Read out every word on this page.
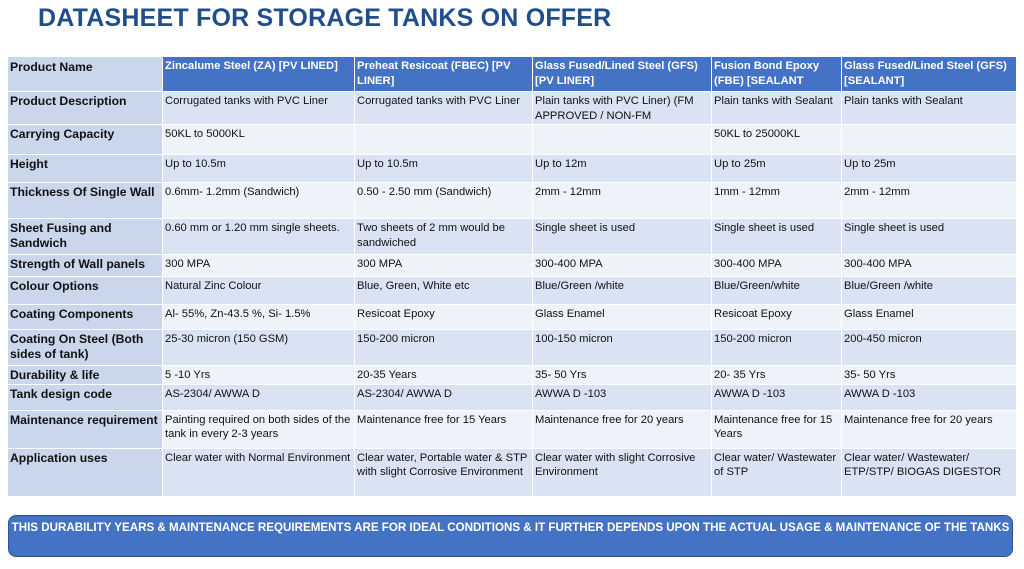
DATASHEET FOR STORAGE TANKS ON OFFER
Product Name	Zincalume Steel (ZA) [PV LINED]	Preheat Resicoat (FBEC) [PV LINER]	Glass Fused/Lined Steel (GFS) [PV LINER]	Fusion Bond Epoxy (FBE) [SEALANT	Glass Fused/Lined Steel (GFS) [SEALANT]
Product Description	Corrugated tanks with PVC Liner	Corrugated tanks with PVC Liner	Plain tanks with PVC Liner) (FM APPROVED / NON-FM	Plain tanks with Sealant	Plain tanks with Sealant
Carrying Capacity	50KL to 5000KL			50KL to 25000KL	
Height	Up to 10.5m	Up to 10.5m	Up to 12m	Up to 25m	Up to 25m
Thickness Of Single Wall	0.6mm- 1.2mm (Sandwich)	0.50 - 2.50 mm (Sandwich)	2mm - 12mm	1mm - 12mm	2mm - 12mm
Sheet Fusing and Sandwich	0.60 mm or 1.20 mm single sheets.	Two sheets of 2 mm would be sandwiched	Single sheet is used	Single sheet is used	Single sheet is used
Strength of Wall panels	300 MPA	300 MPA	300-400 MPA	300-400 MPA	300-400 MPA
Colour Options	Natural Zinc Colour	Blue, Green, White etc	Blue/Green /white	Blue/Green/white	Blue/Green /white
Coating Components	Al- 55%, Zn-43.5 %, Si- 1.5%	Resicoat Epoxy	Glass Enamel	Resicoat Epoxy	Glass Enamel
Coating On Steel (Both sides of tank)	25-30 micron (150 GSM)	150-200 micron	100-150 micron	150-200 micron	200-450 micron
Durability & life	5 -10 Yrs	20-35 Years	35- 50 Yrs	20- 35 Yrs	35- 50 Yrs
Tank design code	AS-2304/ AWWA D	AS-2304/ AWWA D	AWWA D -103	AWWA D -103	AWWA D -103
Maintenance requirement	Painting required on both sides of the tank in every 2-3 years	Maintenance free for 15 Years	Maintenance free for 20 years	Maintenance free for 15 Years	Maintenance free for 20 years
Application uses	Clear water with Normal Environment	Clear water, Portable water & STP with slight Corrosive Environment	Clear water with slight Corrosive Environment	Clear water/ Wastewater of STP	Clear water/ Wastewater/ ETP/STP/ BIOGAS DIGESTOR
THIS DURABILITY YEARS & MAINTENANCE REQUIREMENTS ARE FOR IDEAL CONDITIONS & IT FURTHER DEPENDS UPON THE ACTUAL USAGE & MAINTENANCE OF THE TANKS
